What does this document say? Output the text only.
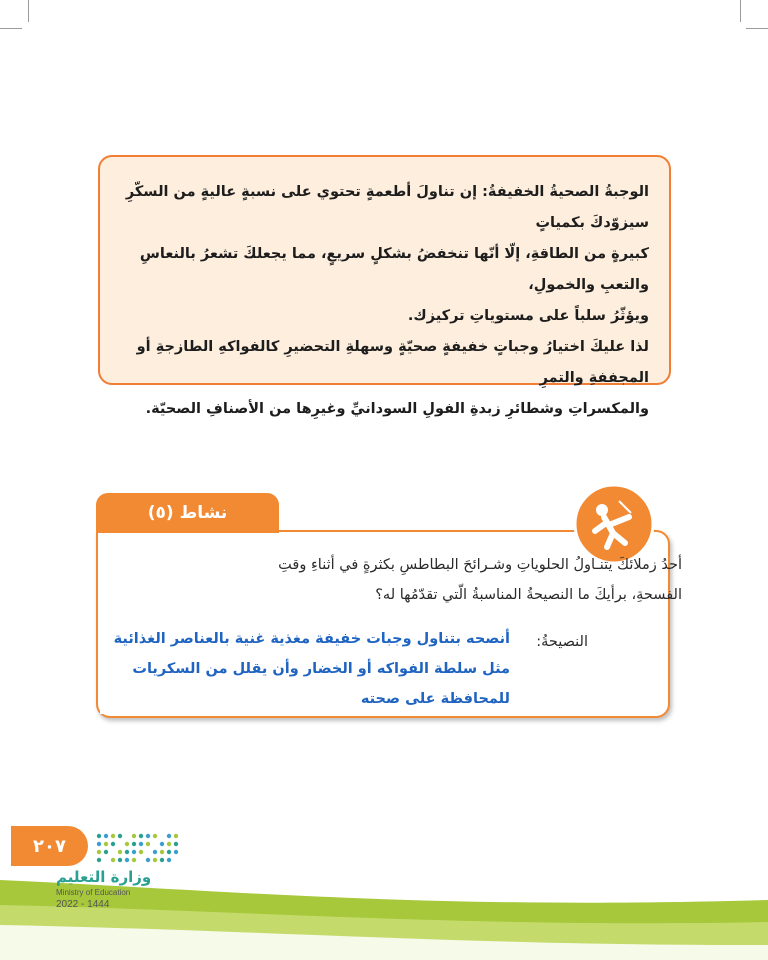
الوجبةُ الصحيةُ الخفيفةُ: إن تناولَ أطعمةٍ تحتوي على نسبةٍ عاليةٍ من السكّرِ سيزوّدكَ بكمياتٍ

كبيرةٍ من الطاقةِ، إلّا أنّها تنخفضُ بشكلٍ سريعٍ، مما يجعلكَ تشعرُ بالنعاسِ والتعبِ والخمولِ،

ويؤثّرُ سلباً على مستوياتِ تركيزك.

لذا عليكَ اختيارُ وجباتٍ خفيفةٍ صحيّةٍ وسهلةِ التحضيرِ كالفواكهِ الطازجةِ أو المجففةِ والتمرِ

والمكسراتِ وشطائرِ زبدةِ الفولِ السودانيِّ وغيرِها من الأصنافِ الصحيّة.

نشاط (٥)

أحدُ زملائكَ يتنـاولُ الحلوياتِ وشـرائحَ البطاطسِ بكثرةٍ في أثناءِ وقتِ

الفسحةِ، برأيكَ ما النصيحةُ المناسبةُ الّتي تقدّمُها له؟

النصيحةُ:

أنصحه بتناول وجبات خفيفة مغذية غنية بالعناصر الغذائية

مثل سلطة الفواكه أو الخضار وأن يقلل من السكريات

للمحافظة على صحته

٢٠٧
وزارة التعليم
Ministry of Education
2022 - 1444
